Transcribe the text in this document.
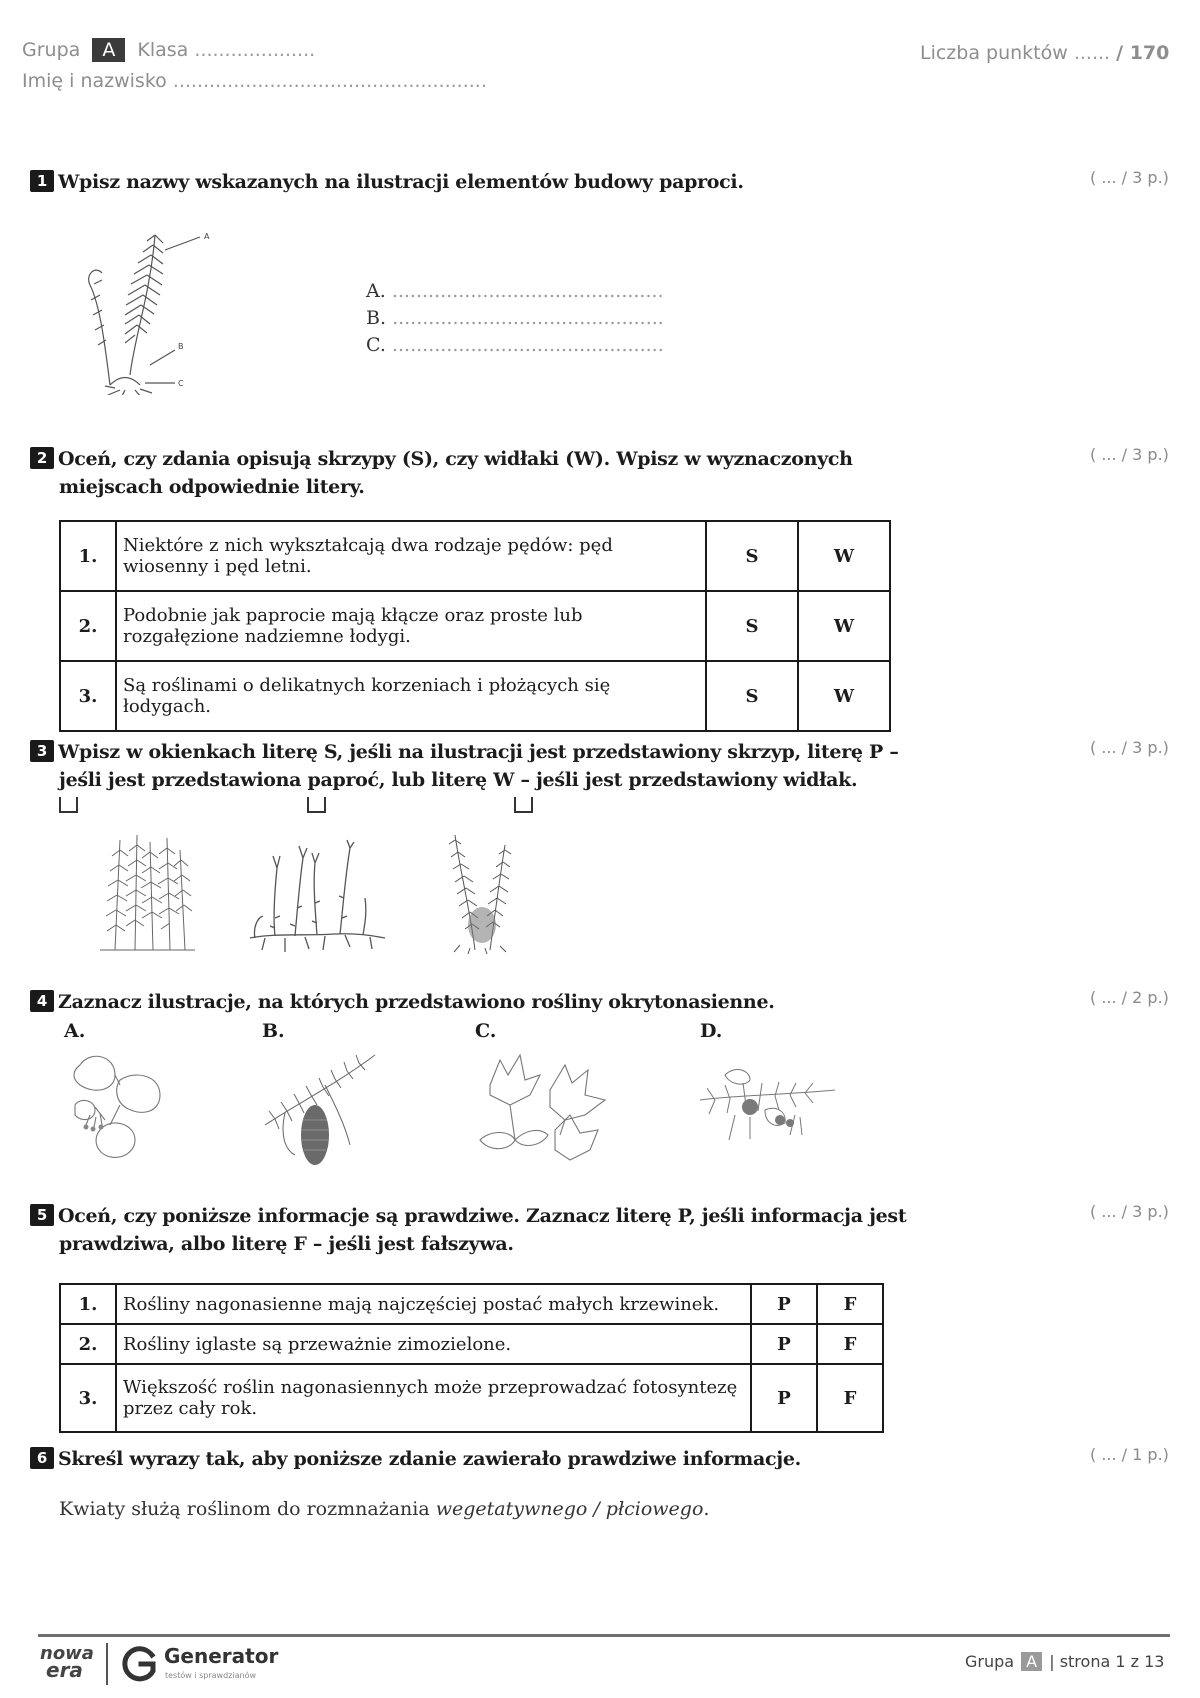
Grupa A Klasa ....................
Imię i nazwisko ....................................................
Liczba punktów ...... / 170
1 Wpisz nazwy wskazanych na ilustracji elementów budowy paproci.	( ... / 3 p.)
A
B
C
A. .............................................
B. .............................................
C. .............................................
2 Oceń, czy zdania opisują skrzypy (S), czy widłaki (W). Wpisz w wyznaczonych
miejscach odpowiednie litery.
( ... / 3 p.)
1.	Niektóre z nich wykształcają dwa rodzaje pędów: pęd
wiosenny i pęd letni.	S	W
2.	Podobnie jak paprocie mają kłącze oraz proste lub
rozgałęzione nadziemne łodygi.	S	W
3.	Są roślinami o delikatnych korzeniach i płożących się
łodygach.	S	W
3 Wpisz w okienkach literę S, jeśli na ilustracji jest przedstawiony skrzyp, literę P –
jeśli jest przedstawiona paproć, lub literę W – jeśli jest przedstawiony widłak.
( ... / 3 p.)
4 Zaznacz ilustracje, na których przedstawiono rośliny okrytonasienne.	( ... / 2 p.)
A.	B.	C.	D.
5 Oceń, czy poniższe informacje są prawdziwe. Zaznacz literę P, jeśli informacja jest
prawdziwa, albo literę F – jeśli jest fałszywa.
( ... / 3 p.)
1.	Rośliny nagonasienne mają najczęściej postać małych krzewinek.	P	F
2.	Rośliny iglaste są przeważnie zimozielone.	P	F
3.	Większość roślin nagonasiennych może przeprowadzać fotosyntezę
przez cały rok.	P	F
6 Skreśl wyrazy tak, aby poniższe zdanie zawierało prawdziwe informacje.	( ... / 1 p.)
Kwiaty służą roślinom do rozmnażania wegetatywnego / płciowego.
nowa
era
Generator
testów i sprawdzianów
Grupa A | strona 1 z 13
